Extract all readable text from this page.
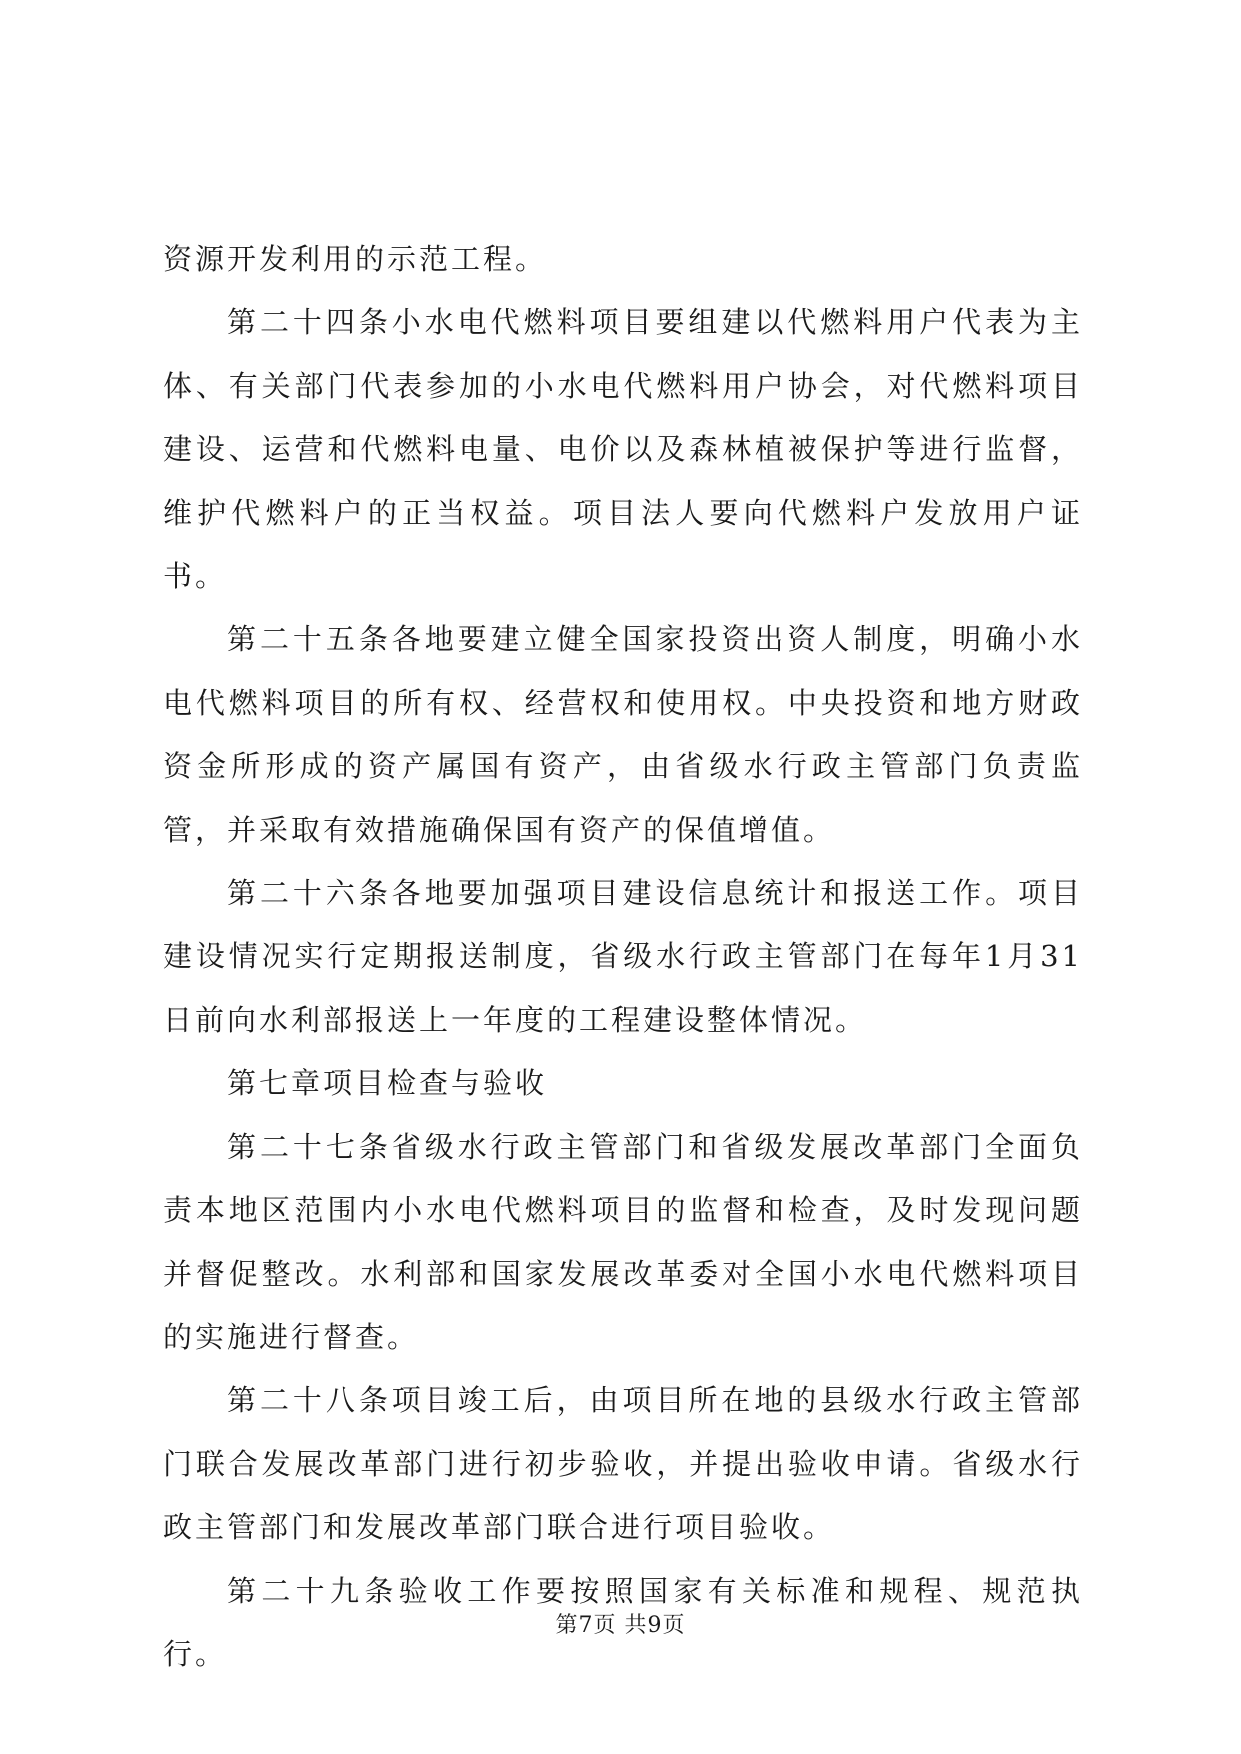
资源开发利用的示范工程。

第二十四条小水电代燃料项目要组建以代燃料用户代表为主体、有关部门代表参加的小水电代燃料用户协会，对代燃料项目建设、运营和代燃料电量、电价以及森林植被保护等进行监督，维护代燃料户的正当权益。项目法人要向代燃料户发放用户证书。

第二十五条各地要建立健全国家投资出资人制度，明确小水电代燃料项目的所有权、经营权和使用权。中央投资和地方财政资金所形成的资产属国有资产，由省级水行政主管部门负责监管，并采取有效措施确保国有资产的保值增值。

第二十六条各地要加强项目建设信息统计和报送工作。项目建设情况实行定期报送制度，省级水行政主管部门在每年1月31日前向水利部报送上一年度的工程建设整体情况。

第七章项目检查与验收

第二十七条省级水行政主管部门和省级发展改革部门全面负责本地区范围内小水电代燃料项目的监督和检查，及时发现问题并督促整改。水利部和国家发展改革委对全国小水电代燃料项目的实施进行督查。

第二十八条项目竣工后，由项目所在地的县级水行政主管部门联合发展改革部门进行初步验收，并提出验收申请。省级水行政主管部门和发展改革部门联合进行项目验收。

第二十九条验收工作要按照国家有关标准和规程、规范执行。

第7页 共9页
